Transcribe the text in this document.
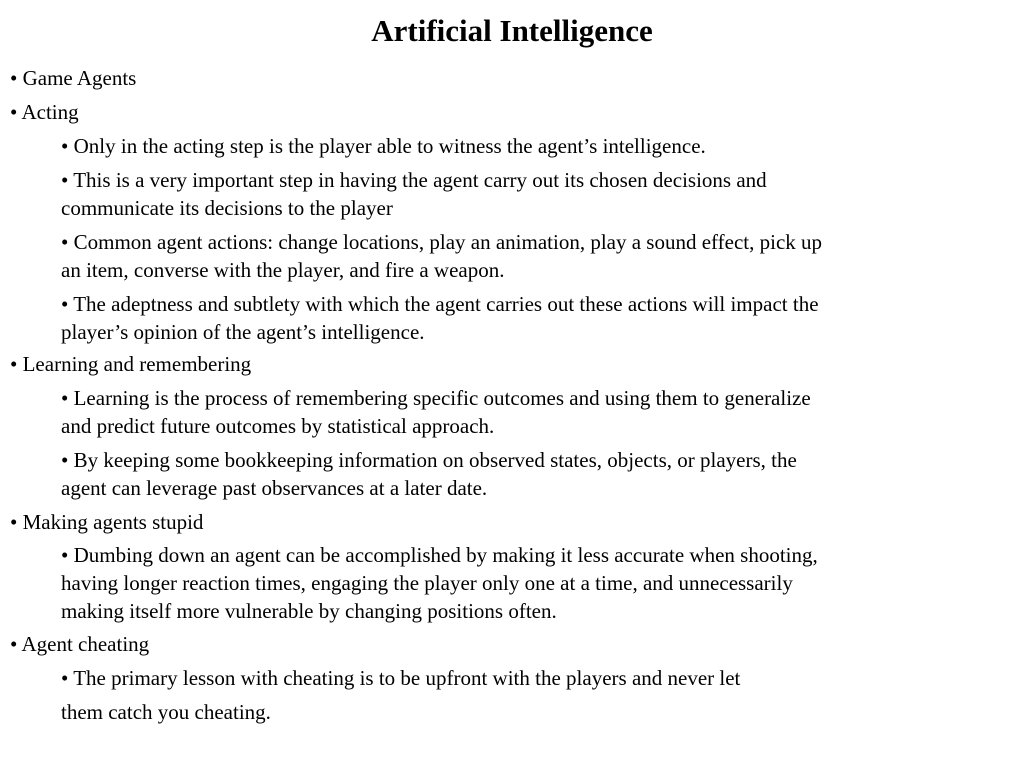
Artificial Intelligence
• Game Agents
• Acting
• Only in the acting step is the player able to witness the agent’s intelligence.
• This is a very important step in having the agent carry out its chosen decisions and
communicate its decisions to the player
• Common agent actions: change locations, play an animation, play a sound effect, pick up
an item, converse with the player, and fire a weapon.
• The adeptness and subtlety with which the agent carries out these actions will impact the
player’s opinion of the agent’s intelligence.
• Learning and remembering
• Learning is the process of remembering specific outcomes and using them to generalize
and predict future outcomes by statistical approach.
• By keeping some bookkeeping information on observed states, objects, or players, the
agent can leverage past observances at a later date.
• Making agents stupid
• Dumbing down an agent can be accomplished by making it less accurate when shooting,
having longer reaction times, engaging the player only one at a time, and unnecessarily
making itself more vulnerable by changing positions often.
• Agent cheating
• The primary lesson with cheating is to be upfront with the players and never let
them catch you cheating.
